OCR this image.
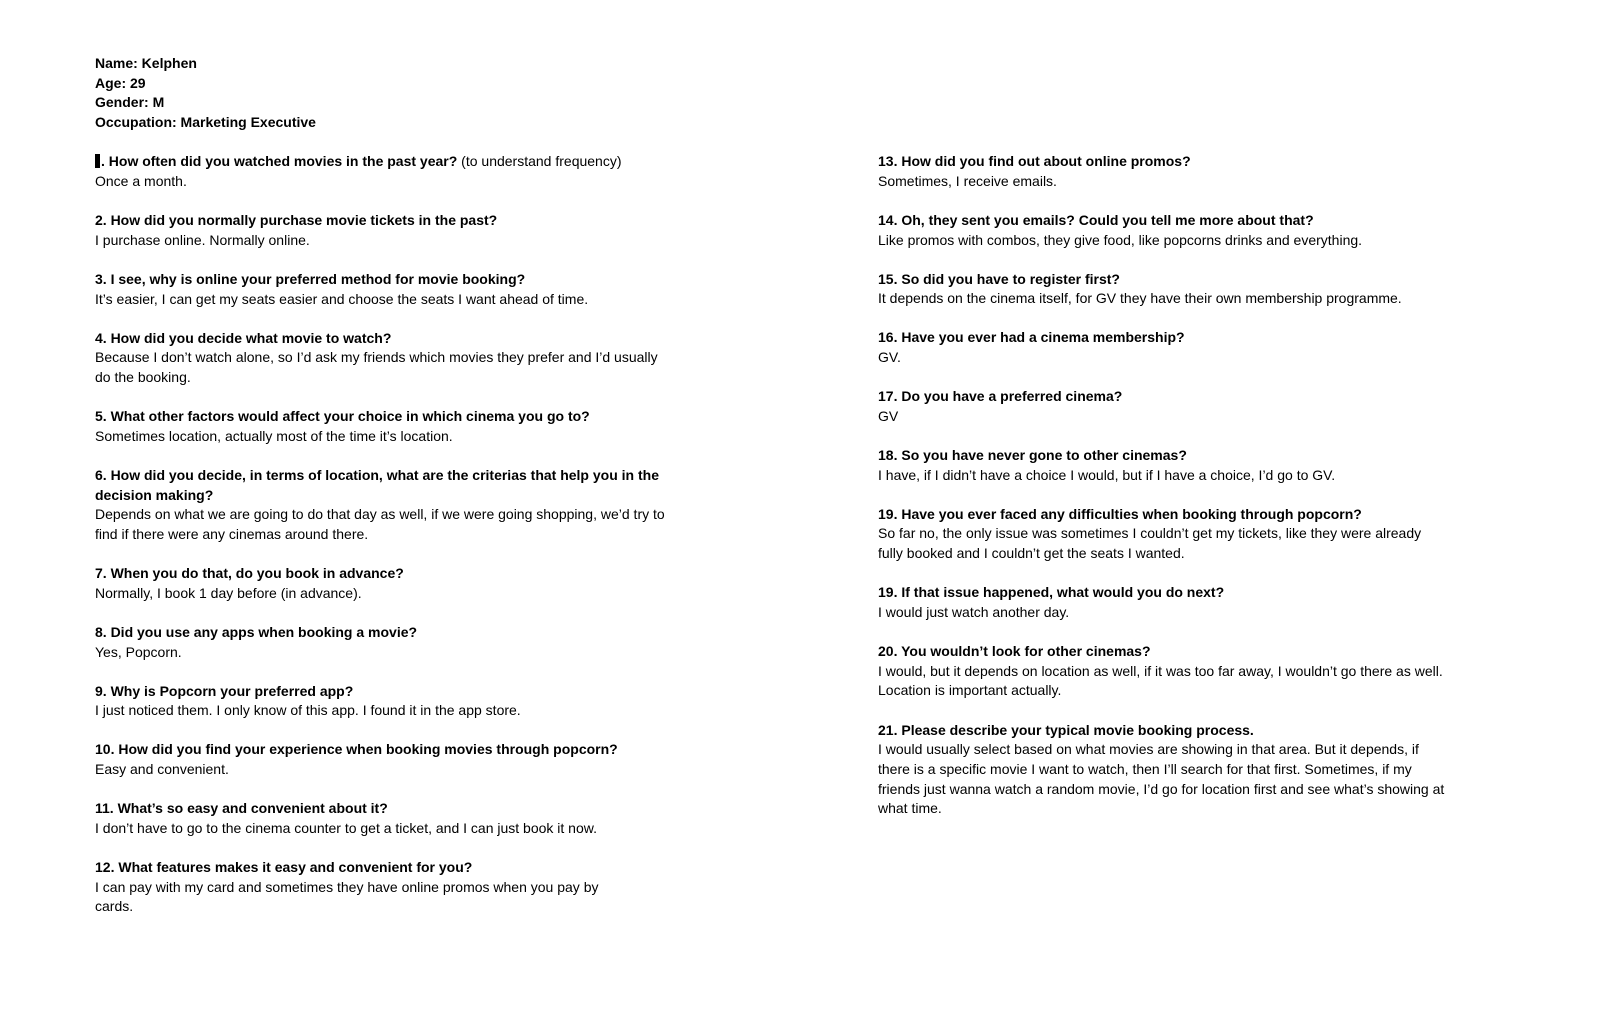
Name: Kelphen
Age: 29
Gender: M
Occupation: Marketing Executive
. How often did you watched movies in the past year? (to understand frequency)
Once a month.
2. How did you normally purchase movie tickets in the past?
I purchase online. Normally online.
3. I see, why is online your preferred method for movie booking?
It’s easier, I can get my seats easier and choose the seats I want ahead of time.
4. How did you decide what movie to watch?
Because I don’t watch alone, so I’d ask my friends which movies they prefer and I’d usually
do the booking.
5. What other factors would affect your choice in which cinema you go to?
Sometimes location, actually most of the time it’s location.
6. How did you decide, in terms of location, what are the criterias that help you in the
decision making?
Depends on what we are going to do that day as well, if we were going shopping, we’d try to
find if there were any cinemas around there.
7. When you do that, do you book in advance?
Normally, I book 1 day before (in advance).
8. Did you use any apps when booking a movie?
Yes, Popcorn.
9. Why is Popcorn your preferred app?
I just noticed them. I only know of this app. I found it in the app store.
10. How did you find your experience when booking movies through popcorn?
Easy and convenient.
11. What’s so easy and convenient about it?
I don’t have to go to the cinema counter to get a ticket, and I can just book it now.
12. What features makes it easy and convenient for you?
I can pay with my card and sometimes they have online promos when you pay by
cards.
13. How did you find out about online promos?
Sometimes, I receive emails.
14. Oh, they sent you emails? Could you tell me more about that?
Like promos with combos, they give food, like popcorns drinks and everything.
15. So did you have to register first?
It depends on the cinema itself, for GV they have their own membership programme.
16. Have you ever had a cinema membership?
GV.
17. Do you have a preferred cinema?
GV
18. So you have never gone to other cinemas?
I have, if I didn’t have a choice I would, but if I have a choice, I’d go to GV.
19. Have you ever faced any difficulties when booking through popcorn?
So far no, the only issue was sometimes I couldn’t get my tickets, like they were already
fully booked and I couldn’t get the seats I wanted.
19. If that issue happened, what would you do next?
I would just watch another day.
20. You wouldn’t look for other cinemas?
I would, but it depends on location as well, if it was too far away, I wouldn’t go there as well.
Location is important actually.
21. Please describe your typical movie booking process.
I would usually select based on what movies are showing in that area. But it depends, if
there is a specific movie I want to watch, then I’ll search for that first. Sometimes, if my
friends just wanna watch a random movie, I’d go for location first and see what’s showing at
what time.
